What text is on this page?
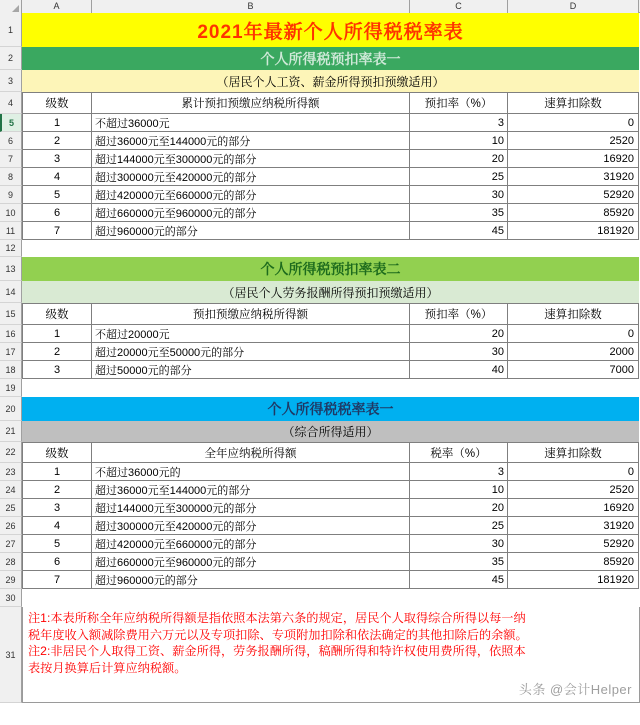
A	B	C	D
1	2021年最新个人所得税税率表
2	个人所得税预扣率表一
3	（居民个人工资、薪金所得预扣预缴适用）
4	级数	累计预扣预缴应纳税所得额	预扣率（%）	速算扣除数
5	1	不超过36000元	3	0
6	2	超过36000元至144000元的部分	10	2520
7	3	超过144000元至300000元的部分	20	16920
8	4	超过300000元至420000元的部分	25	31920
9	5	超过420000元至660000元的部分	30	52920
10	6	超过660000元至960000元的部分	35	85920
11	7	超过960000元的部分	45	181920
12
13	个人所得税预扣率表二
14	（居民个人劳务报酬所得预扣预缴适用）
15	级数	预扣预缴应纳税所得额	预扣率（%）	速算扣除数
16	1	不超过20000元	20	0
17	2	超过20000元至50000元的部分	30	2000
18	3	超过50000元的部分	40	7000
19
20	个人所得税税率表一
21	（综合所得适用）
22	级数	全年应纳税所得额	税率（%）	速算扣除数
23	1	不超过36000元的	3	0
24	2	超过36000元至144000元的部分	10	2520
25	3	超过144000元至300000元的部分	20	16920
26	4	超过300000元至420000元的部分	25	31920
27	5	超过420000元至660000元的部分	30	52920
28	6	超过660000元至960000元的部分	35	85920
29	7	超过960000元的部分	45	181920
30
31

注1:本表所称全年应纳税所得额是指依照本法第六条的规定，居民个人取得综合所得以每一纳

税年度收入额减除费用六万元以及专项扣除、专项附加扣除和依法确定的其他扣除后的余额。

注2:非居民个人取得工资、薪金所得，劳务报酬所得，稿酬所得和特许权使用费所得，依照本

表按月换算后计算应纳税额。

头条 @会计Helper
